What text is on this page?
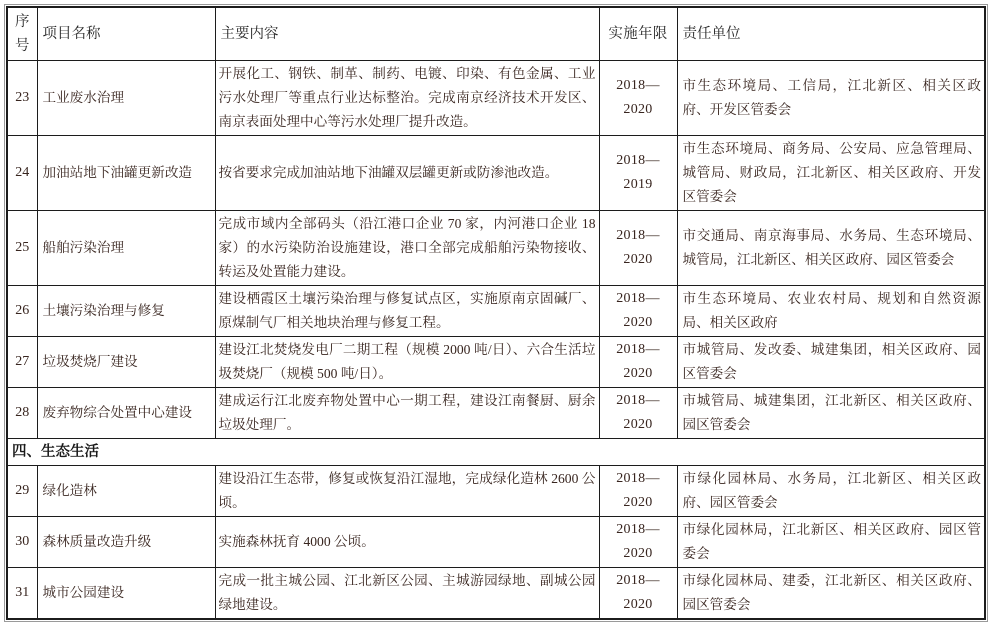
序号	项目名称	主要内容	实施年限	责任单位
23	工业废水治理	开展化工、钢铁、制革、制药、电镀、印染、有色金属、工业污水处理厂等重点行业达标整治。完成南京经济技术开发区、南京表面处理中心等污水处理厂提升改造。	2018—2020	市生态环境局、工信局，江北新区、相关区政府、开发区管委会
24	加油站地下油罐更新改造	按省要求完成加油站地下油罐双层罐更新或防渗池改造。	2018—2019	市生态环境局、商务局、公安局、应急管理局、城管局、财政局，江北新区、相关区政府、开发区管委会
25	船舶污染治理	完成市域内全部码头（沿江港口企业 70 家，内河港口企业 18 家）的水污染防治设施建设，港口全部完成船舶污染物接收、转运及处置能力建设。	2018—2020	市交通局、南京海事局、水务局、生态环境局、城管局，江北新区、相关区政府、园区管委会
26	土壤污染治理与修复	建设栖霞区土壤污染治理与修复试点区，实施原南京固碱厂、原煤制气厂相关地块治理与修复工程。	2018—2020	市生态环境局、农业农村局、规划和自然资源局、相关区政府
27	垃圾焚烧厂建设	建设江北焚烧发电厂二期工程（规模 2000 吨/日）、六合生活垃圾焚烧厂（规模 500 吨/日）。	2018—2020	市城管局、发改委、城建集团，相关区政府、园区管委会
28	废弃物综合处置中心建设	建成运行江北废弃物处置中心一期工程，建设江南餐厨、厨余垃圾处理厂。	2018—2020	市城管局、城建集团，江北新区、相关区政府、园区管委会
四、生态生活				
29	绿化造林	建设沿江生态带，修复或恢复沿江湿地，完成绿化造林 2600 公顷。	2018—2020	市绿化园林局、水务局，江北新区、相关区政府、园区管委会
30	森林质量改造升级	实施森林抚育 4000 公顷。	2018—2020	市绿化园林局，江北新区、相关区政府、园区管委会
31	城市公园建设	完成一批主城公园、江北新区公园、主城游园绿地、副城公园绿地建设。	2018—2020	市绿化园林局、建委，江北新区、相关区政府、园区管委会
